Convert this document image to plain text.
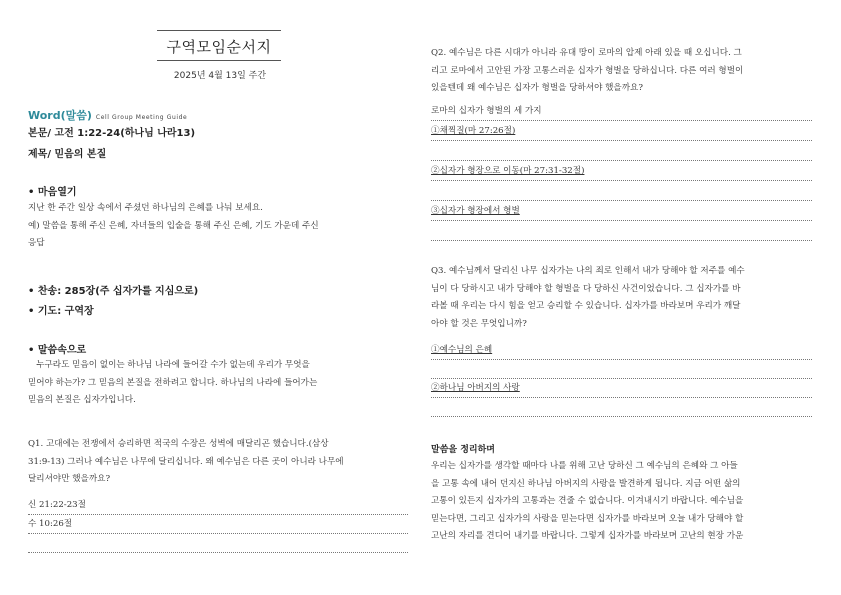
구역모임순서지
2025년 4월 13일 주간
Word(말씀) Cell Group Meeting Guide
본문/ 고전 1:22-24(하나님 나라13)
제목/ 믿음의 본질
• 마음열기
지난 한 주간 일상 속에서 주셨던 하나님의 은혜를 나눠 보세요.
예) 말씀을 통해 주신 은혜, 자녀들의 입술을 통해 주신 은혜, 기도 가운데 주신
응답
• 찬송: 285장(주 십자가를 지심으로)
• 기도: 구역장
• 말씀속으로
누구라도 믿음이 없이는 하나님 나라에 들어갈 수가 없는데 우리가 무엇을
믿어야 하는가? 그 믿음의 본질을 전하려고 합니다. 하나님의 나라에 들어가는
믿음의 본질은 십자가입니다.
Q1. 고대에는 전쟁에서 승리하면 적국의 수장은 성벽에 매달리곤 했습니다.(삼상
31:9-13) 그러나 예수님은 나무에 달리십니다. 왜 예수님은 다른 곳이 아니라 나무에
달리셔야만 했을까요?
신 21:22-23절
수 10:26절
Q2. 예수님은 다른 시대가 아니라 유대 땅이 로마의 압제 아래 있을 때 오십니다. 그
리고 로마에서 고안된 가장 고통스러운 십자가 형벌을 당하십니다. 다른 여러 형벌이
있을텐데 왜 예수님은 십자가 형벌을 당하셔야 했을까요?
로마의 십자가 형벌의 세 가지
①채찍질(마 27:26절)
②십자가 형장으로 이동(마 27:31-32절)
③십자가 형장에서 형벌
Q3. 예수님께서 달리신 나무 십자가는 나의 죄로 인해서 내가 당해야 할 저주를 예수
님이 다 당하시고 내가 당해야 할 형벌을 다 당하신 사건이었습니다. 그 십자가를 바
라볼 때 우리는 다시 힘을 얻고 승리할 수 있습니다. 십자가를 바라보며 우리가 깨달
아야 할 것은 무엇입니까?
①예수님의 은혜
②하나님 아버지의 사랑
말씀을 정리하며
우리는 십자가를 생각할 때마다 나를 위해 고난 당하신 그 예수님의 은혜와 그 아들
을 고통 속에 내어 던지신 하나님 아버지의 사랑을 발견하게 됩니다. 지금 어떤 삶의
고통이 있든지 십자가의 고통과는 견줄 수 없습니다. 이겨내시기 바랍니다. 예수님을
믿는다면, 그리고 십자가의 사랑을 믿는다면 십자가를 바라보며 오늘 내가 당해야 할
고난의 자리를 견디어 내기를 바랍니다. 그렇게 십자가를 바라보며 고난의 현장 가운
